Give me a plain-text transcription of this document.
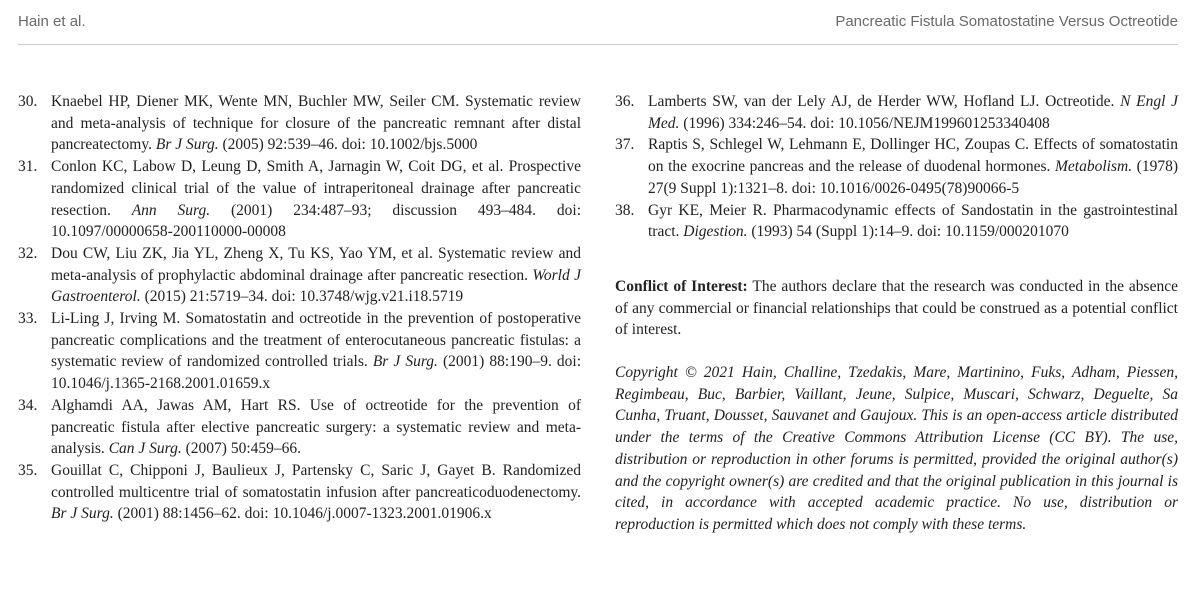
Hain et al.	Pancreatic Fistula Somatostatine Versus Octreotide
30. Knaebel HP, Diener MK, Wente MN, Buchler MW, Seiler CM. Systematic review and meta-analysis of technique for closure of the pancreatic remnant after distal pancreatectomy. Br J Surg. (2005) 92:539–46. doi: 10.1002/bjs.5000
31. Conlon KC, Labow D, Leung D, Smith A, Jarnagin W, Coit DG, et al. Prospective randomized clinical trial of the value of intraperitoneal drainage after pancreatic resection. Ann Surg. (2001) 234:487–93; discussion 493–484. doi: 10.1097/00000658-200110000-00008
32. Dou CW, Liu ZK, Jia YL, Zheng X, Tu KS, Yao YM, et al. Systematic review and meta-analysis of prophylactic abdominal drainage after pancreatic resection. World J Gastroenterol. (2015) 21:5719–34. doi: 10.3748/wjg.v21.i18.5719
33. Li-Ling J, Irving M. Somatostatin and octreotide in the prevention of postoperative pancreatic complications and the treatment of enterocutaneous pancreatic fistulas: a systematic review of randomized controlled trials. Br J Surg. (2001) 88:190–9. doi: 10.1046/j.1365-2168.2001.01659.x
34. Alghamdi AA, Jawas AM, Hart RS. Use of octreotide for the prevention of pancreatic fistula after elective pancreatic surgery: a systematic review and meta-analysis. Can J Surg. (2007) 50:459–66.
35. Gouillat C, Chipponi J, Baulieux J, Partensky C, Saric J, Gayet B. Randomized controlled multicentre trial of somatostatin infusion after pancreaticoduodenectomy. Br J Surg. (2001) 88:1456–62. doi: 10.1046/j.0007-1323.2001.01906.x
36. Lamberts SW, van der Lely AJ, de Herder WW, Hofland LJ. Octreotide. N Engl J Med. (1996) 334:246–54. doi: 10.1056/NEJM199601253340408
37. Raptis S, Schlegel W, Lehmann E, Dollinger HC, Zoupas C. Effects of somatostatin on the exocrine pancreas and the release of duodenal hormones. Metabolism. (1978) 27(9 Suppl 1):1321–8. doi: 10.1016/0026-0495(78)90066-5
38. Gyr KE, Meier R. Pharmacodynamic effects of Sandostatin in the gastrointestinal tract. Digestion. (1993) 54 (Suppl 1):14–9. doi: 10.1159/000201070

Conflict of Interest: The authors declare that the research was conducted in the absence of any commercial or financial relationships that could be construed as a potential conflict of interest.

Copyright © 2021 Hain, Challine, Tzedakis, Mare, Martinino, Fuks, Adham, Piessen, Regimbeau, Buc, Barbier, Vaillant, Jeune, Sulpice, Muscari, Schwarz, Deguelte, Sa Cunha, Truant, Dousset, Sauvanet and Gaujoux. This is an open-access article distributed under the terms of the Creative Commons Attribution License (CC BY). The use, distribution or reproduction in other forums is permitted, provided the original author(s) and the copyright owner(s) are credited and that the original publication in this journal is cited, in accordance with accepted academic practice. No use, distribution or reproduction is permitted which does not comply with these terms.
